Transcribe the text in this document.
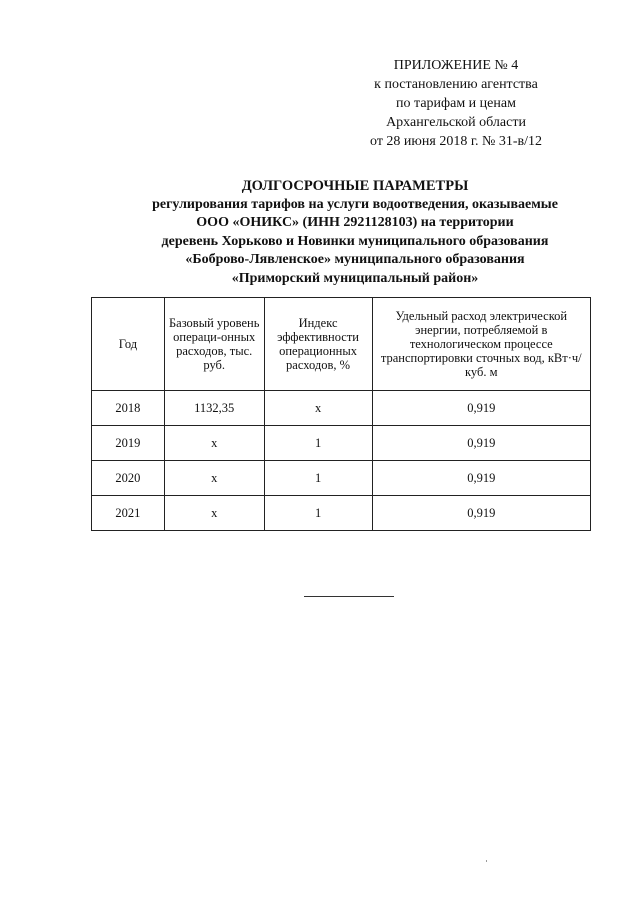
ПРИЛОЖЕНИЕ № 4
к постановлению агентства
по тарифам и ценам
Архангельской области
от 28 июня 2018 г. № 31-в/12
ДОЛГОСРОЧНЫЕ ПАРАМЕТРЫ
регулирования тарифов на услуги водоотведения, оказываемые
ООО «ОНИКС» (ИНН 2921128103) на территории
деревень Хорьково и Новинки муниципального образования
«Боброво-Лявленское» муниципального образования
«Приморский муниципальный район»
Год	Базовый уровень операци-онных расходов, тыс. руб.	Индекс эффективности операционных расходов, %	Удельный расход электрической энергии, потребляемой в технологическом процессе транспортировки сточных вод, кВт·ч/куб. м
2018	1132,35	х	0,919
2019	х	1	0,919
2020	х	1	0,919
2021	х	1	0,919
